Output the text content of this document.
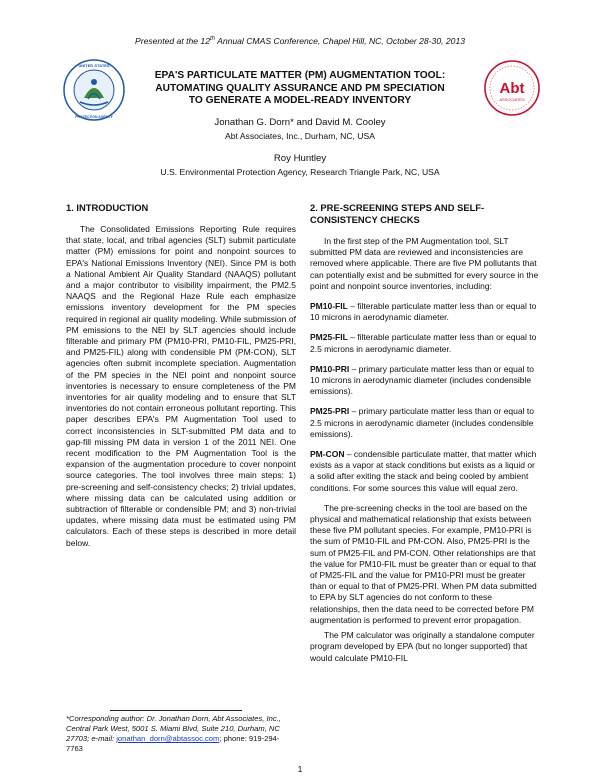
Presented at the 12th Annual CMAS Conference, Chapel Hill, NC, October 28-30, 2013
UNITED STATES
PROTECTION AGENCY
EPA'S PARTICULATE MATTER (PM) AUGMENTATION TOOL:
AUTOMATING QUALITY ASSURANCE AND PM SPECIATION
TO GENERATE A MODEL-READY INVENTORY
Abt
ASSOCIATES
Jonathan G. Dorn* and David M. Cooley
Abt Associates, Inc., Durham, NC, USA
Roy Huntley
U.S. Environmental Protection Agency, Research Triangle Park, NC, USA
1. INTRODUCTION

The Consolidated Emissions Reporting Rule requires that state, local, and tribal agencies (SLT) submit particulate matter (PM) emissions for point and nonpoint sources to EPA's National Emissions Inventory (NEI). Since PM is both a National Ambient Air Quality Standard (NAAQS) pollutant and a major contributor to visibility impairment, the PM2.5 NAAQS and the Regional Haze Rule each emphasize emissions inventory development for the PM species required in regional air quality modeling. While submission of PM emissions to the NEI by SLT agencies should include filterable and primary PM (PM10-PRI, PM10-FIL, PM25-PRI, and PM25-FIL) along with condensible PM (PM-CON), SLT agencies often submit incomplete speciation. Augmentation of the PM species in the NEI point and nonpoint source inventories is necessary to ensure completeness of the PM inventories for air quality modeling and to ensure that SLT inventories do not contain erroneous pollutant reporting. This paper describes EPA's PM Augmentation Tool used to correct inconsistencies in SLT-submitted PM data and to gap-fill missing PM data in version 1 of the 2011 NEI. One recent modification to the PM Augmentation Tool is the expansion of the augmentation procedure to cover nonpoint source categories. The tool involves three main steps: 1) pre-screening and self-consistency checks; 2) trivial updates, where missing data can be calculated using addition or subtraction of filterable or condensible PM; and 3) non-trivial updates, where missing data must be estimated using PM calculators. Each of these steps is described in more detail below.

*Corresponding author: Dr. Jonathan Dorn, Abt Associates, Inc., Central Park West, 5001 S. Miami Blvd, Suite 210, Durham, NC 27703; e-mail: jonathan_dorn@abtassoc.com; phone: 919-294-7763
2. PRE-SCREENING STEPS AND SELF-CONSISTENCY CHECKS

In the first step of the PM Augmentation tool, SLT submitted PM data are reviewed and inconsistencies are removed where applicable. There are five PM pollutants that can potentially exist and be submitted for every source in the point and nonpoint source inventories, including:

PM10-FIL – filterable particulate matter less than or equal to 10 microns in aerodynamic diameter.

PM25-FIL – filterable particulate matter less than or equal to 2.5 microns in aerodynamic diameter.

PM10-PRI – primary particulate matter less than or equal to 10 microns in aerodynamic diameter (includes condensible emissions).

PM25-PRI – primary particulate matter less than or equal to 2.5 microns in aerodynamic diameter (includes condensible emissions).

PM-CON – condensible particulate matter, that matter which exists as a vapor at stack conditions but exists as a liquid or a solid after exiting the stack and being cooled by ambient conditions. For some sources this value will equal zero.

The pre-screening checks in the tool are based on the physical and mathematical relationship that exists between these five PM pollutant species. For example, PM10-PRI is the sum of PM10-FIL and PM-CON. Also, PM25-PRI is the sum of PM25-FIL and PM-CON. Other relationships are that the value for PM10-FIL must be greater than or equal to that of PM25-FIL and the value for PM10-PRI must be greater than or equal to that of PM25-PRI. When PM data submitted to EPA by SLT agencies do not conform to these relationships, then the data need to be corrected before PM augmentation is performed to prevent error propagation.

The PM calculator was originally a standalone computer program developed by EPA (but no longer supported) that would calculate PM10-FIL

1
